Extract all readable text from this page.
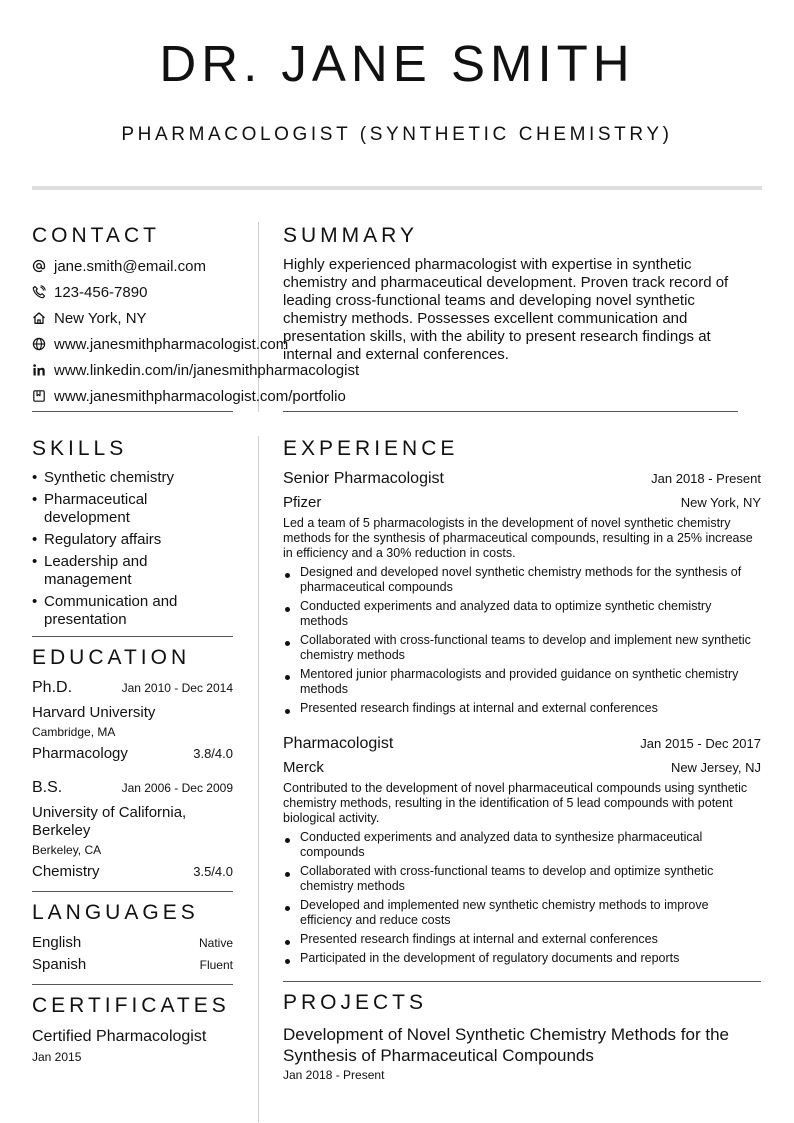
DR. JANE SMITH
PHARMACOLOGIST (SYNTHETIC CHEMISTRY)
CONTACT
jane.smith@email.com
123-456-7890
New York, NY
www.janesmithpharmacologist.com
www.linkedin.com/in/janesmithpharmacologist
www.janesmithpharmacologist.com/portfolio
SUMMARY
Highly experienced pharmacologist with expertise in synthetic chemistry and pharmaceutical development. Proven track record of leading cross-functional teams and developing novel synthetic chemistry methods. Possesses excellent communication and presentation skills, with the ability to present research findings at internal and external conferences.
SKILLS
• Synthetic chemistry
• Pharmaceutical development
• Regulatory affairs
• Leadership and management
• Communication and presentation
EDUCATION
Ph.D.	Jan 2010 - Dec 2014
Harvard University
Cambridge, MA
Pharmacology	3.8/4.0
B.S.	Jan 2006 - Dec 2009
University of California, Berkeley
Berkeley, CA
Chemistry	3.5/4.0
LANGUAGES
English	Native
Spanish	Fluent
CERTIFICATES
Certified Pharmacologist
Jan 2015
EXPERIENCE
Senior Pharmacologist	Jan 2018 - Present
Pfizer	New York, NY
Led a team of 5 pharmacologists in the development of novel synthetic chemistry methods for the synthesis of pharmaceutical compounds, resulting in a 25% increase in efficiency and a 30% reduction in costs.
Designed and developed novel synthetic chemistry methods for the synthesis of pharmaceutical compounds
Conducted experiments and analyzed data to optimize synthetic chemistry methods
Collaborated with cross-functional teams to develop and implement new synthetic chemistry methods
Mentored junior pharmacologists and provided guidance on synthetic chemistry methods
Presented research findings at internal and external conferences
Pharmacologist	Jan 2015 - Dec 2017
Merck	New Jersey, NJ
Contributed to the development of novel pharmaceutical compounds using synthetic chemistry methods, resulting in the identification of 5 lead compounds with potent biological activity.
Conducted experiments and analyzed data to synthesize pharmaceutical compounds
Collaborated with cross-functional teams to develop and optimize synthetic chemistry methods
Developed and implemented new synthetic chemistry methods to improve efficiency and reduce costs
Presented research findings at internal and external conferences
Participated in the development of regulatory documents and reports
PROJECTS
Development of Novel Synthetic Chemistry Methods for the Synthesis of Pharmaceutical Compounds
Jan 2018 - Present
